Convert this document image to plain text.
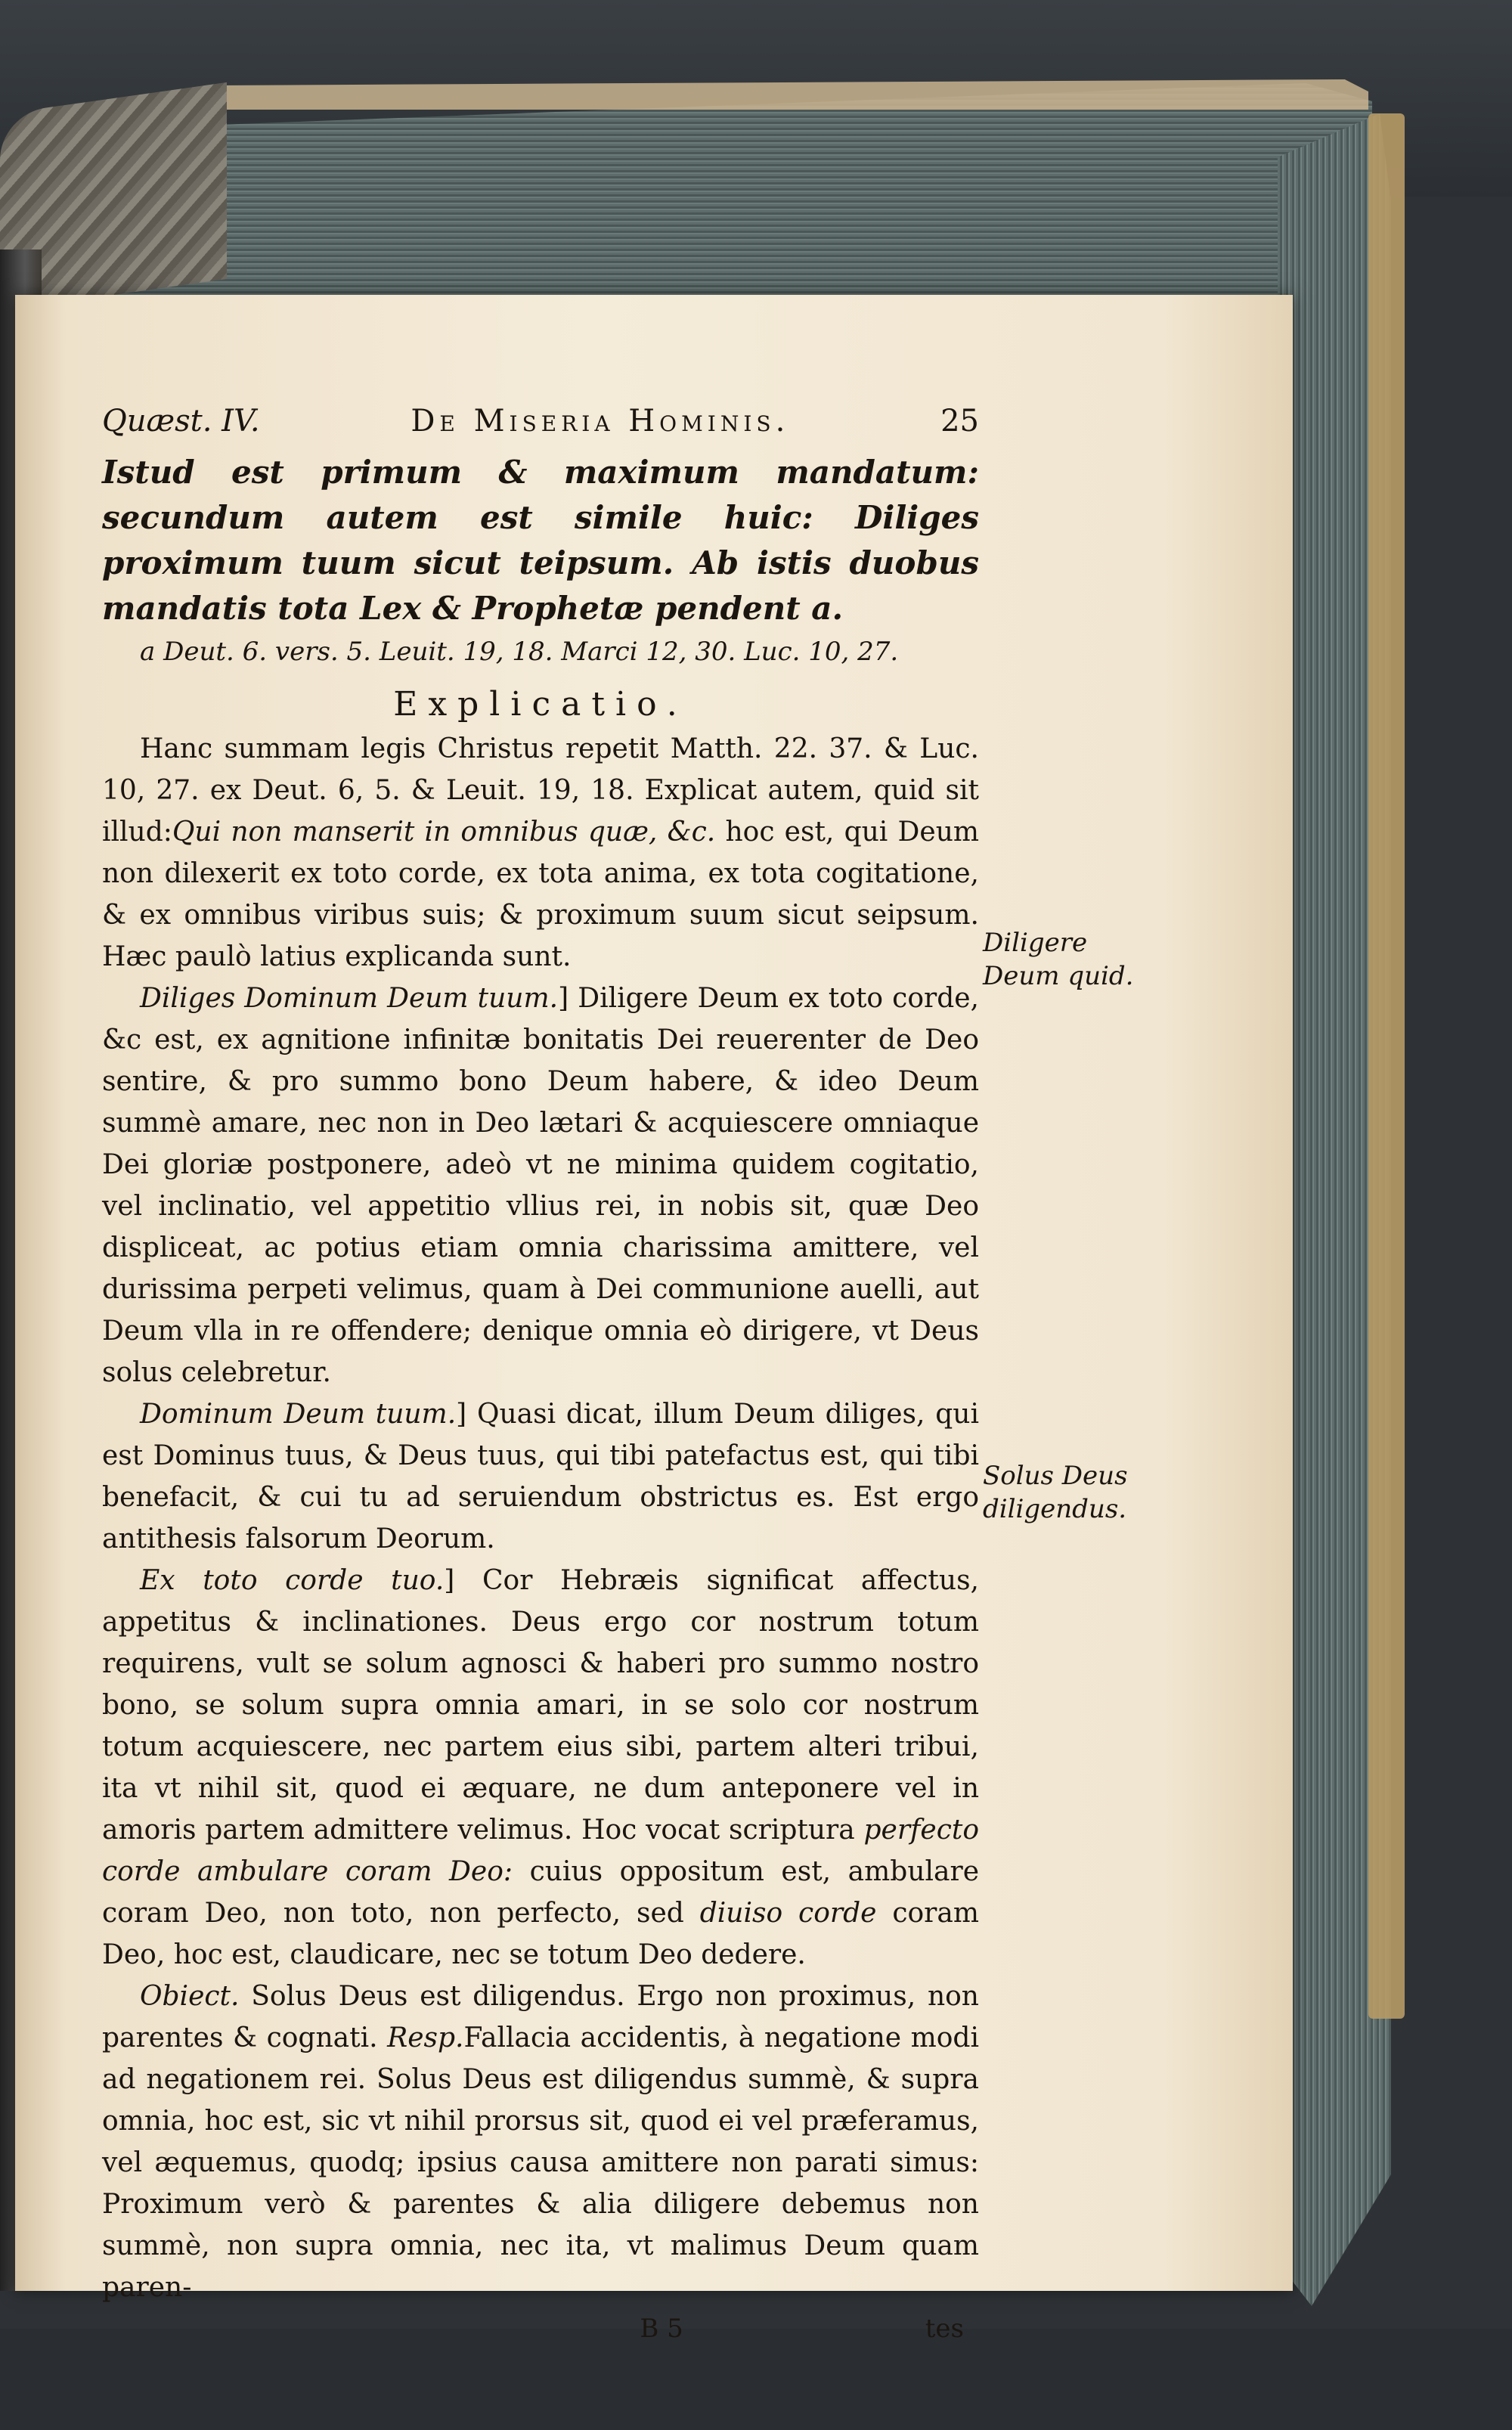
Quæst. IV.	De Miseria Hominis.	25

Istud est primum & maximum mandatum: secundum autem est simile huic: Diliges proximum tuum sicut teipsum. Ab istis duobus mandatis tota Lex & Prophetæ pendent a.

a Deut. 6. vers. 5. Leuit. 19, 18. Marci 12, 30. Luc. 10, 27.

Explicatio.

Hanc summam legis Christus repetit Matth. 22. 37. & Luc. 10, 27. ex Deut. 6, 5. & Leuit. 19, 18. Explicat autem, quid sit illud:Qui non manserit in omnibus quæ, &c. hoc est, qui Deum non dilexerit ex toto corde, ex tota anima, ex tota cogitatione, & ex omnibus viribus suis; & proximum suum sicut seipsum. Hæc paulò latius explicanda sunt.

Diliges Dominum Deum tuum.] Diligere Deum ex toto corde, &c est, ex agnitione infinitæ bonitatis Dei reuerenter de Deo sentire, & pro summo bono Deum habere, & ideo Deum summè amare, nec non in Deo lætari & acquiescere omniaque Dei gloriæ postponere, adeò vt ne minima quidem cogitatio, vel inclinatio, vel appetitio vllius rei, in nobis sit, quæ Deo displiceat, ac potius etiam omnia charissima amittere, vel durissima perpeti velimus, quam à Dei communione auelli, aut Deum vlla in re offendere; denique omnia eò dirigere, vt Deus solus celebretur.

Dominum Deum tuum.] Quasi dicat, illum Deum diliges, qui est Dominus tuus, & Deus tuus, qui tibi patefactus est, qui tibi benefacit, & cui tu ad seruiendum obstrictus es. Est ergo antithesis falsorum Deorum.

Ex toto corde tuo.] Cor Hebræis significat affectus, appetitus & inclinationes. Deus ergo cor nostrum totum requirens, vult se solum agnosci & haberi pro summo nostro bono, se solum supra omnia amari, in se solo cor nostrum totum acquiescere, nec partem eius sibi, partem alteri tribui, ita vt nihil sit, quod ei æquare, ne dum anteponere vel in amoris partem admittere velimus. Hoc vocat scriptura perfecto corde ambulare coram Deo: cuius oppositum est, ambulare coram Deo, non toto, non perfecto, sed diuiso corde coram Deo, hoc est, claudicare, nec se totum Deo dedere.

Obiect. Solus Deus est diligendus. Ergo non proximus, non parentes & cognati. Resp.Fallacia accidentis, à negatione modi ad negationem rei. Solus Deus est diligendus summè, & supra omnia, hoc est, sic vt nihil prorsus sit, quod ei vel præferamus, vel æquemus, quodq; ipsius causa amittere non parati simus: Proximum verò & parentes & alia diligere debemus non summè, non supra omnia, nec ita, vt malimus Deum quam paren-

B 5	tes
Diligere Deum quid.
Solus Deus diligendus.
